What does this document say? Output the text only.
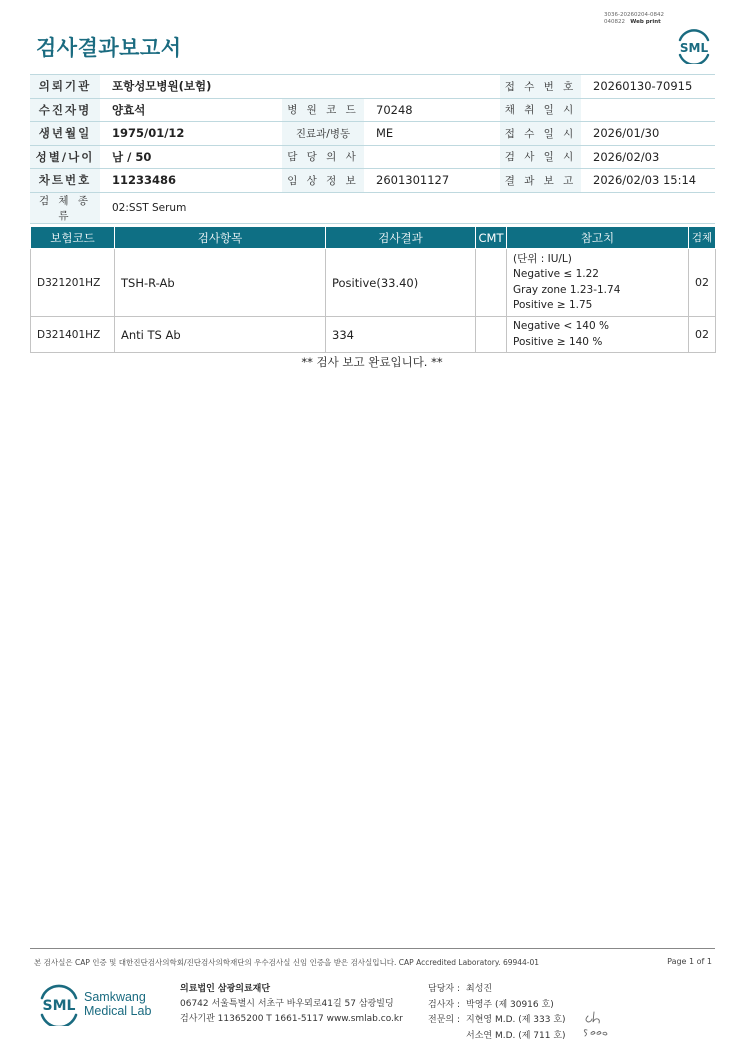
3036-20260204-0842
040822 Web print
검사결과보고서	SML
의뢰기관	포항성모병원(보험)			접 수 번 호	20260130-70915
수진자명	양효석	병 원 코 드	70248	채 취 일 시	
생년월일	1975/01/12	진료과/병동	ME	접 수 일 시	2026/01/30
성별/나이	남 / 50	담 당 의 사		검 사 일 시	2026/02/03
차트번호	11233486	임 상 정 보	2601301127	결 과 보 고	2026/02/03 15:14
검 체 종 류	02:SST Serum				
보험코드	검사항목	검사결과	CMT	참고치	검체
D321201HZ	TSH-R-Ab	Positive(33.40)		(단위 : IU/L)
Negative ≤ 1.22
Gray zone 1.23-1.74
Positive ≥ 1.75	02
D321401HZ	Anti TS Ab	334		Negative < 140 %
Positive ≥ 140 %	02
** 검사 보고 완료입니다. **
본 검사실은 CAP 인증 및 대한진단검사의학회/진단검사의학재단의 우수검사실 신임 인증을 받은 검사실입니다. CAP Accredited Laboratory. 69944-01	Page 1 of 1
SML
Samkwang
Medical Lab
의료법인 삼광의료재단
06742 서울특별시 서초구 바우뫼로41길 57 삼광빌딩
검사기관 11365200 T 1661-5117 www.smlab.co.kr
담당자 : 최성진
검사자 : 박영주 (제 30916 호)
전문의 : 지현영 M.D. (제 333 호)
서소연 M.D. (제 711 호)
